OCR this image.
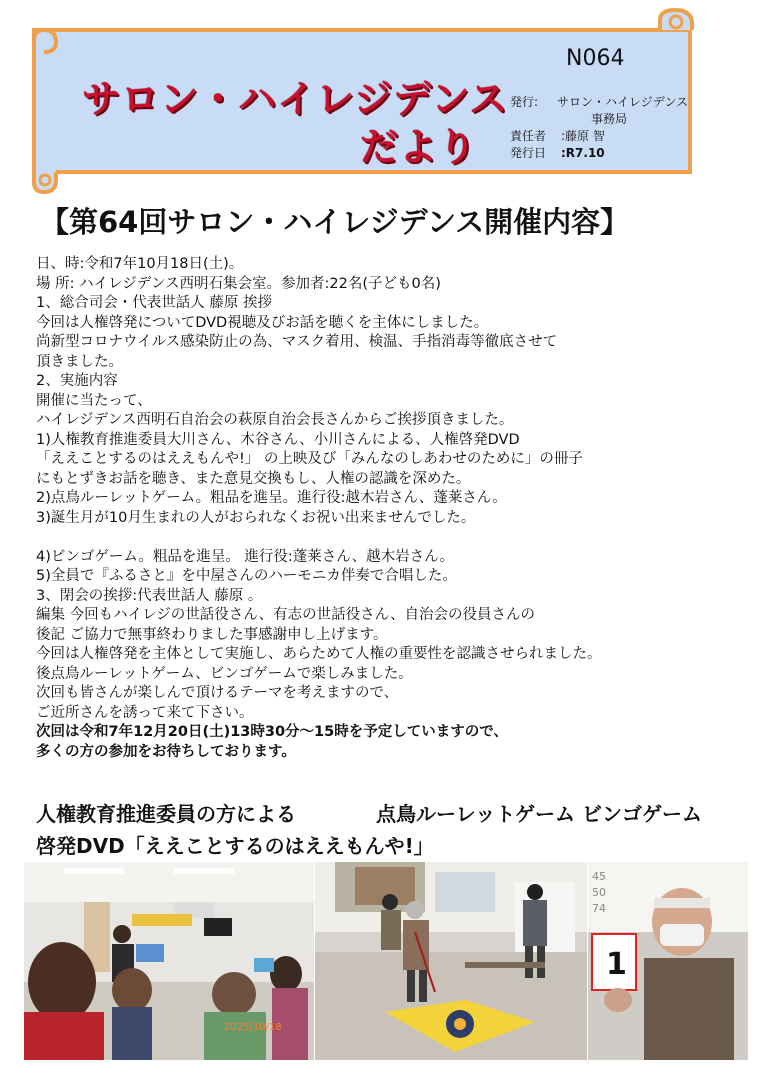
サロン・ハイレジデンス
だより
N064
発行: サロン・ハイレジデンス
事務局
責任者 :藤原 智
発行日 :R7.10
【第64回サロン・ハイレジデンス開催内容】

日、時:令和7年10月18日(土)。

場 所: ハイレジデンス西明石集会室。参加者:22名(子ども0名)

1、総合司会・代表世話人 藤原 挨拶

今回は人権啓発についてDVD視聴及びお話を聴くを主体にしました。

尚新型コロナウイルス感染防止の為、マスク着用、検温、手指消毒等徹底させて

頂きました。

2、実施内容

開催に当たって、

ハイレジデンス西明石自治会の萩原自治会長さんからご挨拶頂きました。

1)人権教育推進委員大川さん、木谷さん、小川さんによる、人権啓発DVD

「ええことするのはええもんや!」 の上映及び「みんなのしあわせのために」の冊子

にもとずきお話を聴き、また意見交換もし、人権の認識を深めた。

2)点鳥ルーレットゲーム。粗品を進呈。進行役:越木岩さん、蓬莱さん。

3)誕生月が10月生まれの人がおられなくお祝い出来ませんでした。

4)ビンゴゲーム。粗品を進呈。 進行役:蓬莱さん、越木岩さん。

5)全員で『ふるさと』を中屋さんのハーモニカ伴奏で合唱した。

3、閉会の挨拶:代表世話人 藤原 。

編集 今回もハイレジの世話役さん、有志の世話役さん、自治会の役員さんの

後記 ご協力で無事終わりました事感謝申し上げます。

今回は人権啓発を主体として実施し、あらためて人権の重要性を認識させられました。

後点鳥ルーレットゲーム、ビンゴゲームで楽しみました。

次回も皆さんが楽しんで頂けるテーマを考えますので、

ご近所さんを誘って来て下さい。

次回は令和7年12月20日(土)13時30分～15時を予定していますので、

多くの方の参加をお待ちしております。

人権教育推進委員の方による
啓発DVD「ええことするのはええもんや!」
点鳥ルーレットゲーム ビンゴゲーム
2025/10/18
45
50
74
1
